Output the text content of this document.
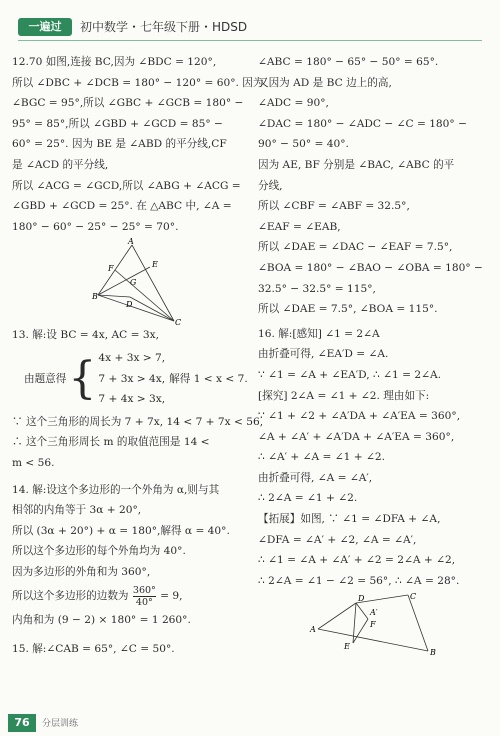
一遍过	初中数学・七年级下册・HDSD
12.70 如图,连接 BC,因为 ∠BDC = 120°,
所以 ∠DBC + ∠DCB = 180° − 120° = 60°. 因为
∠BGC = 95°,所以 ∠GBC + ∠GCB = 180° −
95° = 85°,所以 ∠GBD + ∠GCD = 85° −
60° = 25°. 因为 BE 是 ∠ABD 的平分线,CF
是 ∠ACD 的平分线,
所以 ∠ACG = ∠GCD,所以 ∠ABG + ∠ACG =
∠GBD + ∠GCD = 25°. 在 △ABC 中, ∠A =
180° − 60° − 25° − 25° = 70°.
A
E
F
G
B
D
C
13. 解:设 BC = 4x, AC = 3x,
由题意得 { 4x + 3x > 7,
7 + 3x > 4x,
7 + 4x > 3x,
解得 1 < x < 7.
∵ 这个三角形的周长为 7 + 7x, 14 < 7 + 7x < 56,
∴ 这个三角形周长 m 的取值范围是 14 <
m < 56.
14. 解:设这个多边形的一个外角为 α,则与其
相邻的内角等于 3α + 20°,
所以 (3α + 20°) + α = 180°,解得 α = 40°.
所以这个多边形的每个外角均为 40°.
因为多边形的外角和为 360°,
所以这个多边形的边数为 $\frac{360^\circ}{40^\circ} = 9$,
内角和为 (9 − 2) × 180° = 1 260°.
15. 解:∠CAB = 65°, ∠C = 50°.
∠ABC = 180° − 65° − 50° = 65°.
又因为 AD 是 BC 边上的高,
∠ADC = 90°,
∠DAC = 180° − ∠ADC − ∠C = 180° −
90° − 50° = 40°.
因为 AE, BF 分别是 ∠BAC, ∠ABC 的平
分线,
所以 ∠CBF = ∠ABF = 32.5°,
∠EAF = ∠EAB,
所以 ∠DAE = ∠DAC − ∠EAF = 7.5°,
∠BOA = 180° − ∠BAO − ∠OBA = 180° −
32.5° − 32.5° = 115°,
所以 ∠DAE = 7.5°, ∠BOA = 115°.
16. 解:[感知] ∠1 = 2∠A
由折叠可得, ∠EA′D = ∠A.
∵ ∠1 = ∠A + ∠EA′D, ∴ ∠1 = 2∠A.
[探究] 2∠A = ∠1 + ∠2. 理由如下:
∵ ∠1 + ∠2 + ∠A′DA + ∠A′EA = 360°,
∠A + ∠A′ + ∠A′DA + ∠A′EA = 360°,
∴ ∠A′ + ∠A = ∠1 + ∠2.
由折叠可得, ∠A = ∠A′,
∴ 2∠A = ∠1 + ∠2.
【拓展】如图, ∵ ∠1 = ∠DFA + ∠A,
∠DFA = ∠A′ + ∠2, ∠A = ∠A′,
∴ ∠1 = ∠A + ∠A′ + ∠2 = 2∠A + ∠2,
∴ 2∠A = ∠1 − ∠2 = 56°, ∴ ∠A = 28°.
A
D
E
F
B
C
A′
76	分层训练
